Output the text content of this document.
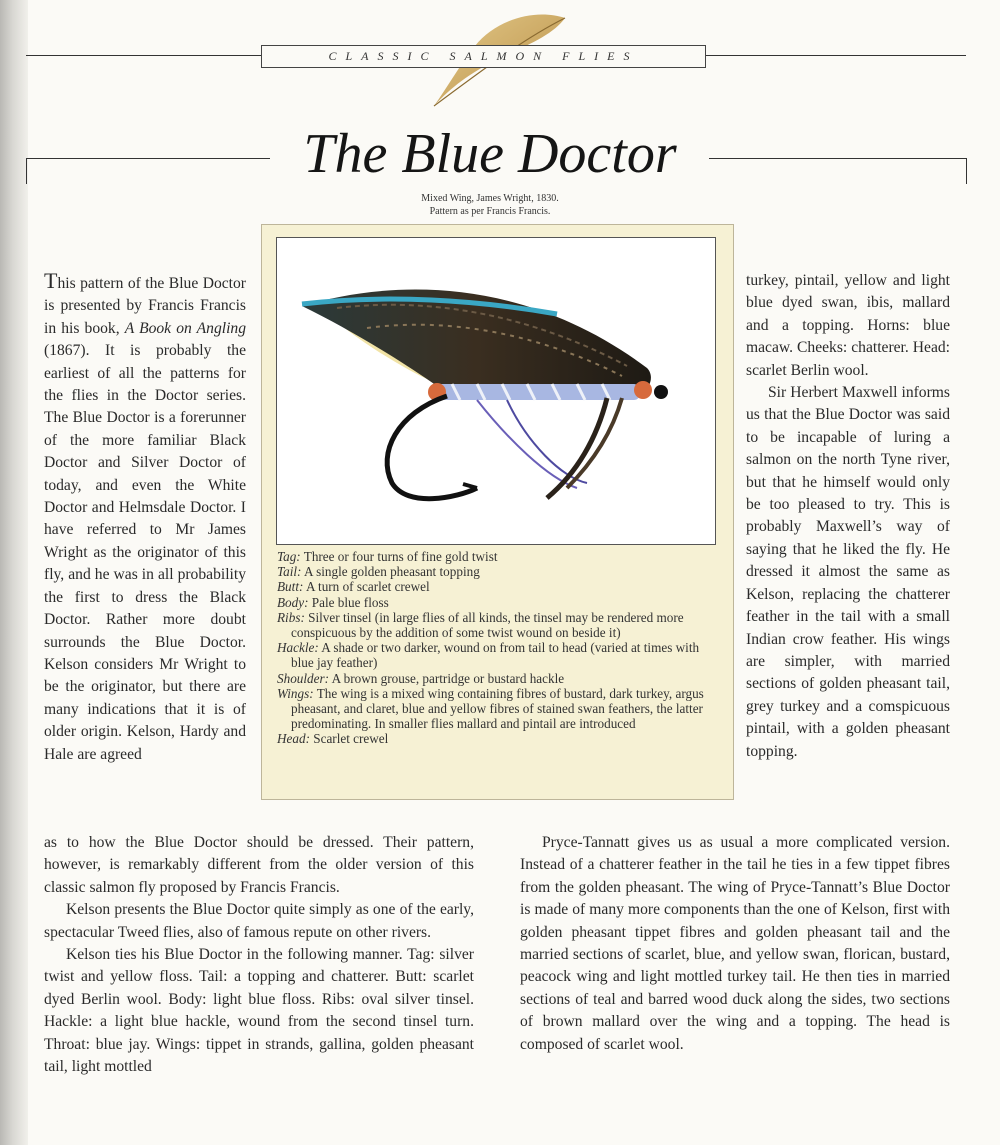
CLASSIC SALMON FLIES
The Blue Doctor
Mixed Wing, James Wright, 1830.
Pattern as per Francis Francis.
Tag: Three or four turns of fine gold twist
Tail: A single golden pheasant topping
Butt: A turn of scarlet crewel
Body: Pale blue floss
Ribs: Silver tinsel (in large flies of all kinds, the tinsel may be rendered more conspicuous by the addition of some twist wound on beside it)
Hackle: A shade or two darker, wound on from tail to head (varied at times with blue jay feather)
Shoulder: A brown grouse, partridge or bustard hackle
Wings: The wing is a mixed wing containing fibres of bustard, dark turkey, argus pheasant, and claret, blue and yellow fibres of stained swan feathers, the latter predominating. In smaller flies mallard and pintail are introduced
Head: Scarlet crewel

This pattern of the Blue Doctor is presented by Francis Francis in his book, A Book on Angling (1867). It is probably the earliest of all the patterns for the flies in the Doctor series. The Blue Doctor is a forerunner of the more familiar Black Doctor and Silver Doctor of today, and even the White Doctor and Helmsdale Doctor. I have referred to Mr James Wright as the originator of this fly, and he was in all probability the first to dress the Black Doctor. Rather more doubt surrounds the Blue Doctor. Kelson considers Mr Wright to be the originator, but there are many indications that it is of older origin. Kelson, Hardy and Hale are agreed

turkey, pintail, yellow and light blue dyed swan, ibis, mallard and a topping. Horns: blue macaw. Cheeks: chatterer. Head: scarlet Berlin wool.

Sir Herbert Maxwell informs us that the Blue Doctor was said to be incapable of luring a salmon on the north Tyne river, but that he himself would only be too pleased to try. This is probably Maxwell’s way of saying that he liked the fly. He dressed it almost the same as Kelson, replacing the chatterer feather in the tail with a small Indian crow feather. His wings are simpler, with married sections of golden pheasant tail, grey turkey and a comspicuous pintail, with a golden pheasant topping.

as to how the Blue Doctor should be dressed. Their pattern, however, is remarkably different from the older version of this classic salmon fly proposed by Francis Francis.

Kelson presents the Blue Doctor quite simply as one of the early, spectacular Tweed flies, also of famous repute on other rivers.

Kelson ties his Blue Doctor in the following manner. Tag: silver twist and yellow floss. Tail: a topping and chatterer. Butt: scarlet dyed Berlin wool. Body: light blue floss. Ribs: oval silver tinsel. Hackle: a light blue hackle, wound from the second tinsel turn. Throat: blue jay. Wings: tippet in strands, gallina, golden pheasant tail, light mottled

Pryce-Tannatt gives us as usual a more complicated version. Instead of a chatterer feather in the tail he ties in a few tippet fibres from the golden pheasant. The wing of Pryce-Tannatt’s Blue Doctor is made of many more components than the one of Kelson, first with golden pheasant tippet fibres and golden pheasant tail and the married sections of scarlet, blue, and yellow swan, florican, bustard, peacock wing and light mottled turkey tail. He then ties in married sections of teal and barred wood duck along the sides, two sections of brown mallard over the wing and a topping. The head is composed of scarlet wool.
